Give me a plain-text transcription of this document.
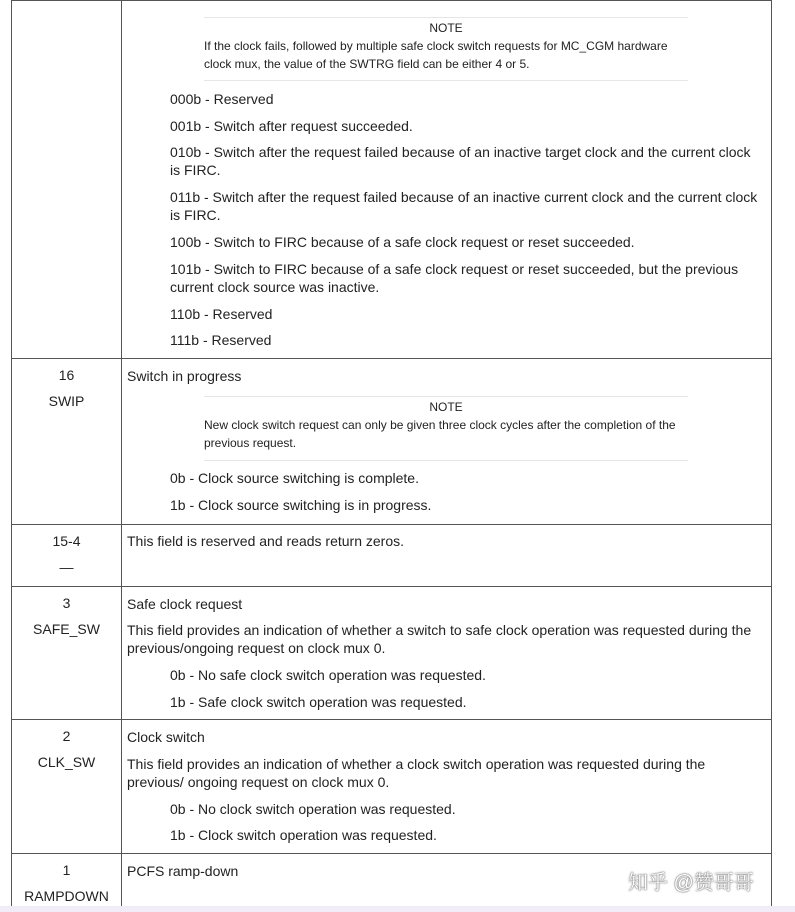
NOTE
If the clock fails, followed by multiple safe clock switch requests for MC_CGM hardware clock mux, the value of the SWTRG field can be either 4 or 5.
000b - Reserved
001b - Switch after request succeeded.
010b - Switch after the request failed because of an inactive target clock and the current clock is FIRC.
011b - Switch after the request failed because of an inactive current clock and the current clock is FIRC.
100b - Switch to FIRC because of a safe clock request or reset succeeded.
101b - Switch to FIRC because of a safe clock request or reset succeeded, but the previous current clock source was inactive.
110b - Reserved
111b - Reserved
16
SWIP
Switch in progress
NOTE
New clock switch request can only be given three clock cycles after the completion of the previous request.
0b - Clock source switching is complete.
1b - Clock source switching is in progress.
15-4
—
This field is reserved and reads return zeros.
3
SAFE_SW
Safe clock request
This field provides an indication of whether a switch to safe clock operation was requested during the previous/ongoing request on clock mux 0.
0b - No safe clock switch operation was requested.
1b - Safe clock switch operation was requested.
2
CLK_SW
Clock switch
This field provides an indication of whether a clock switch operation was requested during the previous/ ongoing request on clock mux 0.
0b - No clock switch operation was requested.
1b - Clock switch operation was requested.
1
RAMPDOWN
PCFS ramp-down
知乎 @赞哥哥
